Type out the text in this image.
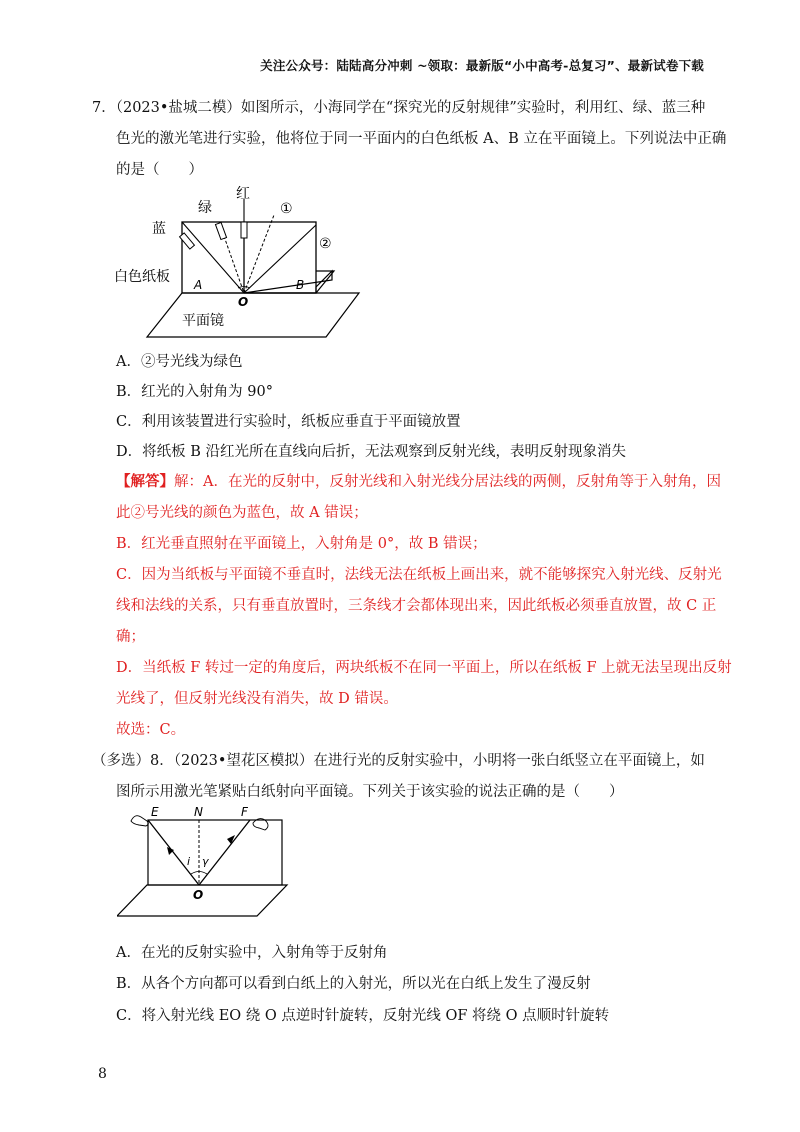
关注公众号：陆陆高分冲刺 ~领取：最新版“小中高考-总复习”、最新试卷下载
7．（2023•盐城二模）如图所示，小海同学在“探究光的反射规律”实验时，利用红、绿、蓝三种
色光的激光笔进行实验，他将位于同一平面内的白色纸板 A、B 立在平面镜上。下列说法中正确
的是（　　）
蓝
绿
红
①
②
白色纸板 A	B
O
平面镜
A．②号光线为绿色
B．红光的入射角为 90°
C．利用该装置进行实验时，纸板应垂直于平面镜放置
D．将纸板 B 沿红光所在直线向后折，无法观察到反射光线，表明反射现象消失
【解答】解：A．在光的反射中，反射光线和入射光线分居法线的两侧，反射角等于入射角，因
此②号光线的颜色为蓝色，故 A 错误；
B．红光垂直照射在平面镜上，入射角是 0°，故 B 错误；
C．因为当纸板与平面镜不垂直时，法线无法在纸板上画出来，就不能够探究入射光线、反射光
线和法线的关系，只有垂直放置时，三条线才会都体现出来，因此纸板必须垂直放置，故 C 正
确；
D．当纸板 F 转过一定的角度后，两块纸板不在同一平面上，所以在纸板 F 上就无法呈现出反射
光线了，但反射光线没有消失，故 D 错误。
故选：C。
（多选）8．（2023•望花区模拟）在进行光的反射实验中，小明将一张白纸竖立在平面镜上，如
图所示用激光笔紧贴白纸射向平面镜。下列关于该实验的说法正确的是（　　）
E	N	F
i γ
O
A．在光的反射实验中，入射角等于反射角
B．从各个方向都可以看到白纸上的入射光，所以光在白纸上发生了漫反射
C．将入射光线 EO 绕 O 点逆时针旋转，反射光线 OF 将绕 O 点顺时针旋转
8
